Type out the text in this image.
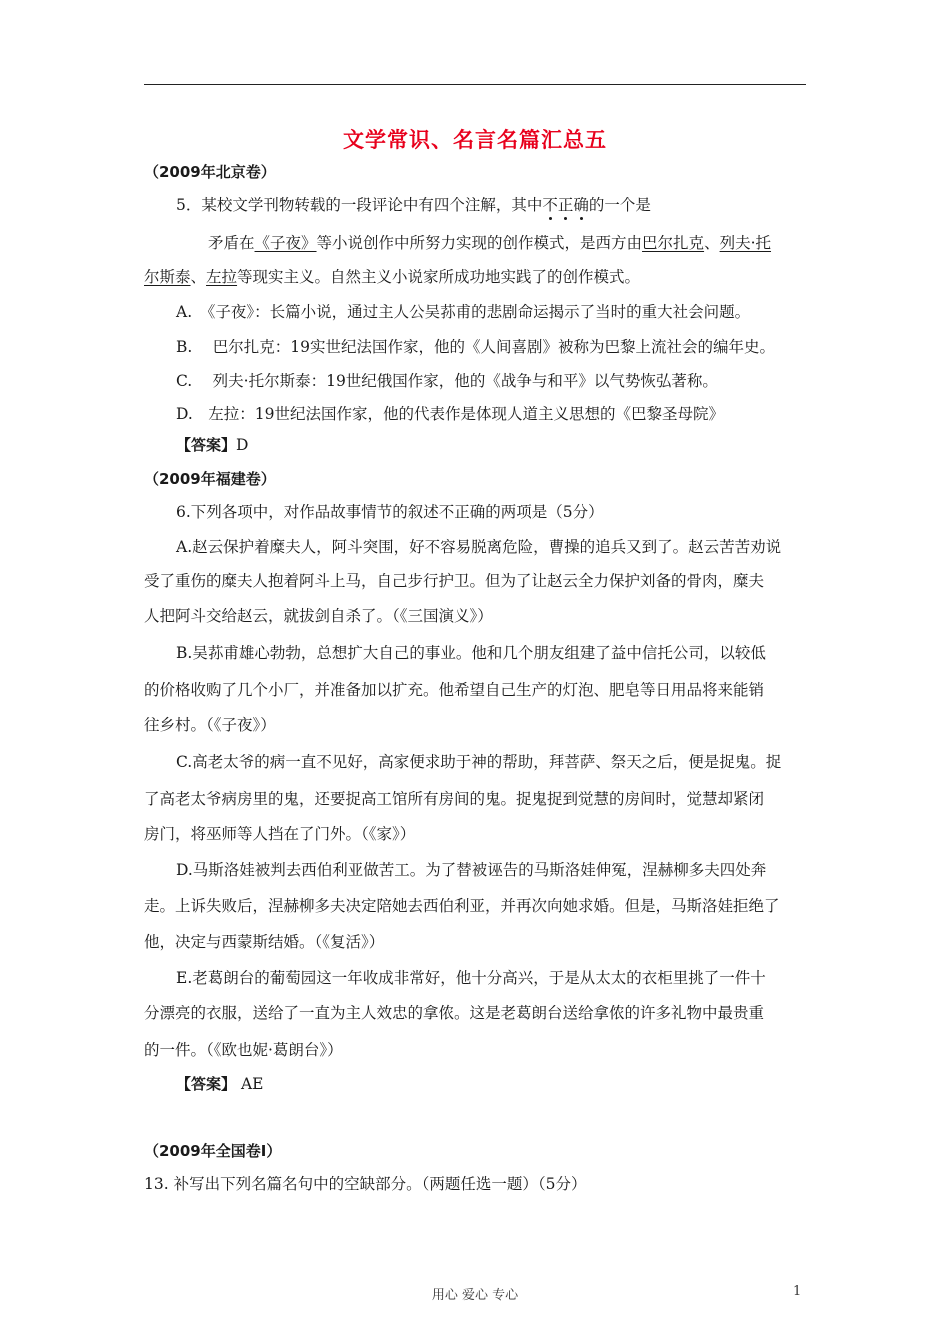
文学常识、名言名篇汇总五
（2009年北京卷）
5．某校文学刊物转载的一段评论中有四个注解，其中不正确的一个是
矛盾在《子夜》等小说创作中所努力实现的创作模式，是西方由巴尔扎克、列夫·托
尔斯泰、左拉等现实主义。自然主义小说家所成功地实践了的创作模式。
A.　《子夜》：长篇小说，通过主人公吴荪甫的悲剧命运揭示了当时的重大社会问题。
B.　 巴尔扎克：19实世纪法国作家，他的《人间喜剧》被称为巴黎上流社会的编年史。
C.　 列夫·托尔斯泰：19世纪俄国作家，他的《战争与和平》以气势恢弘著称。
D.　左拉：19世纪法国作家，他的代表作是体现人道主义思想的《巴黎圣母院》
【答案】D
（2009年福建卷）
6.下列各项中，对作品故事情节的叙述不正确的两项是（5分）
A.赵云保护着糜夫人，阿斗突围，好不容易脱离危险，曹操的追兵又到了。赵云苦苦劝说
受了重伤的糜夫人抱着阿斗上马，自己步行护卫。但为了让赵云全力保护刘备的骨肉，糜夫
人把阿斗交给赵云，就拔剑自杀了。（《三国演义》）
B.吴荪甫雄心勃勃，总想扩大自己的事业。他和几个朋友组建了益中信托公司，以较低
的价格收购了几个小厂，并准备加以扩充。他希望自己生产的灯泡、肥皂等日用品将来能销
往乡村。（《子夜》）
C.高老太爷的病一直不见好，高家便求助于神的帮助，拜菩萨、祭天之后，便是捉鬼。捉
了高老太爷病房里的鬼，还要捉高工馆所有房间的鬼。捉鬼捉到觉慧的房间时，觉慧却紧闭
房门，将巫师等人挡在了门外。（《家》）
D.马斯洛娃被判去西伯利亚做苦工。为了替被诬告的马斯洛娃伸冤，涅赫柳多夫四处奔
走。上诉失败后，涅赫柳多夫决定陪她去西伯利亚，并再次向她求婚。但是，马斯洛娃拒绝了
他，决定与西蒙斯结婚。（《复活》）
E.老葛朗台的葡萄园这一年收成非常好，他十分高兴，于是从太太的衣柜里挑了一件十
分漂亮的衣服，送给了一直为主人效忠的拿侬。这是老葛朗台送给拿侬的许多礼物中最贵重
的一件。（《欧也妮·葛朗台》）
【答案】 AE
（2009年全国卷Ⅰ）
13. 补写出下列名篇名句中的空缺部分。（两题任选一题）（5分）
用心 爱心 专心	1
